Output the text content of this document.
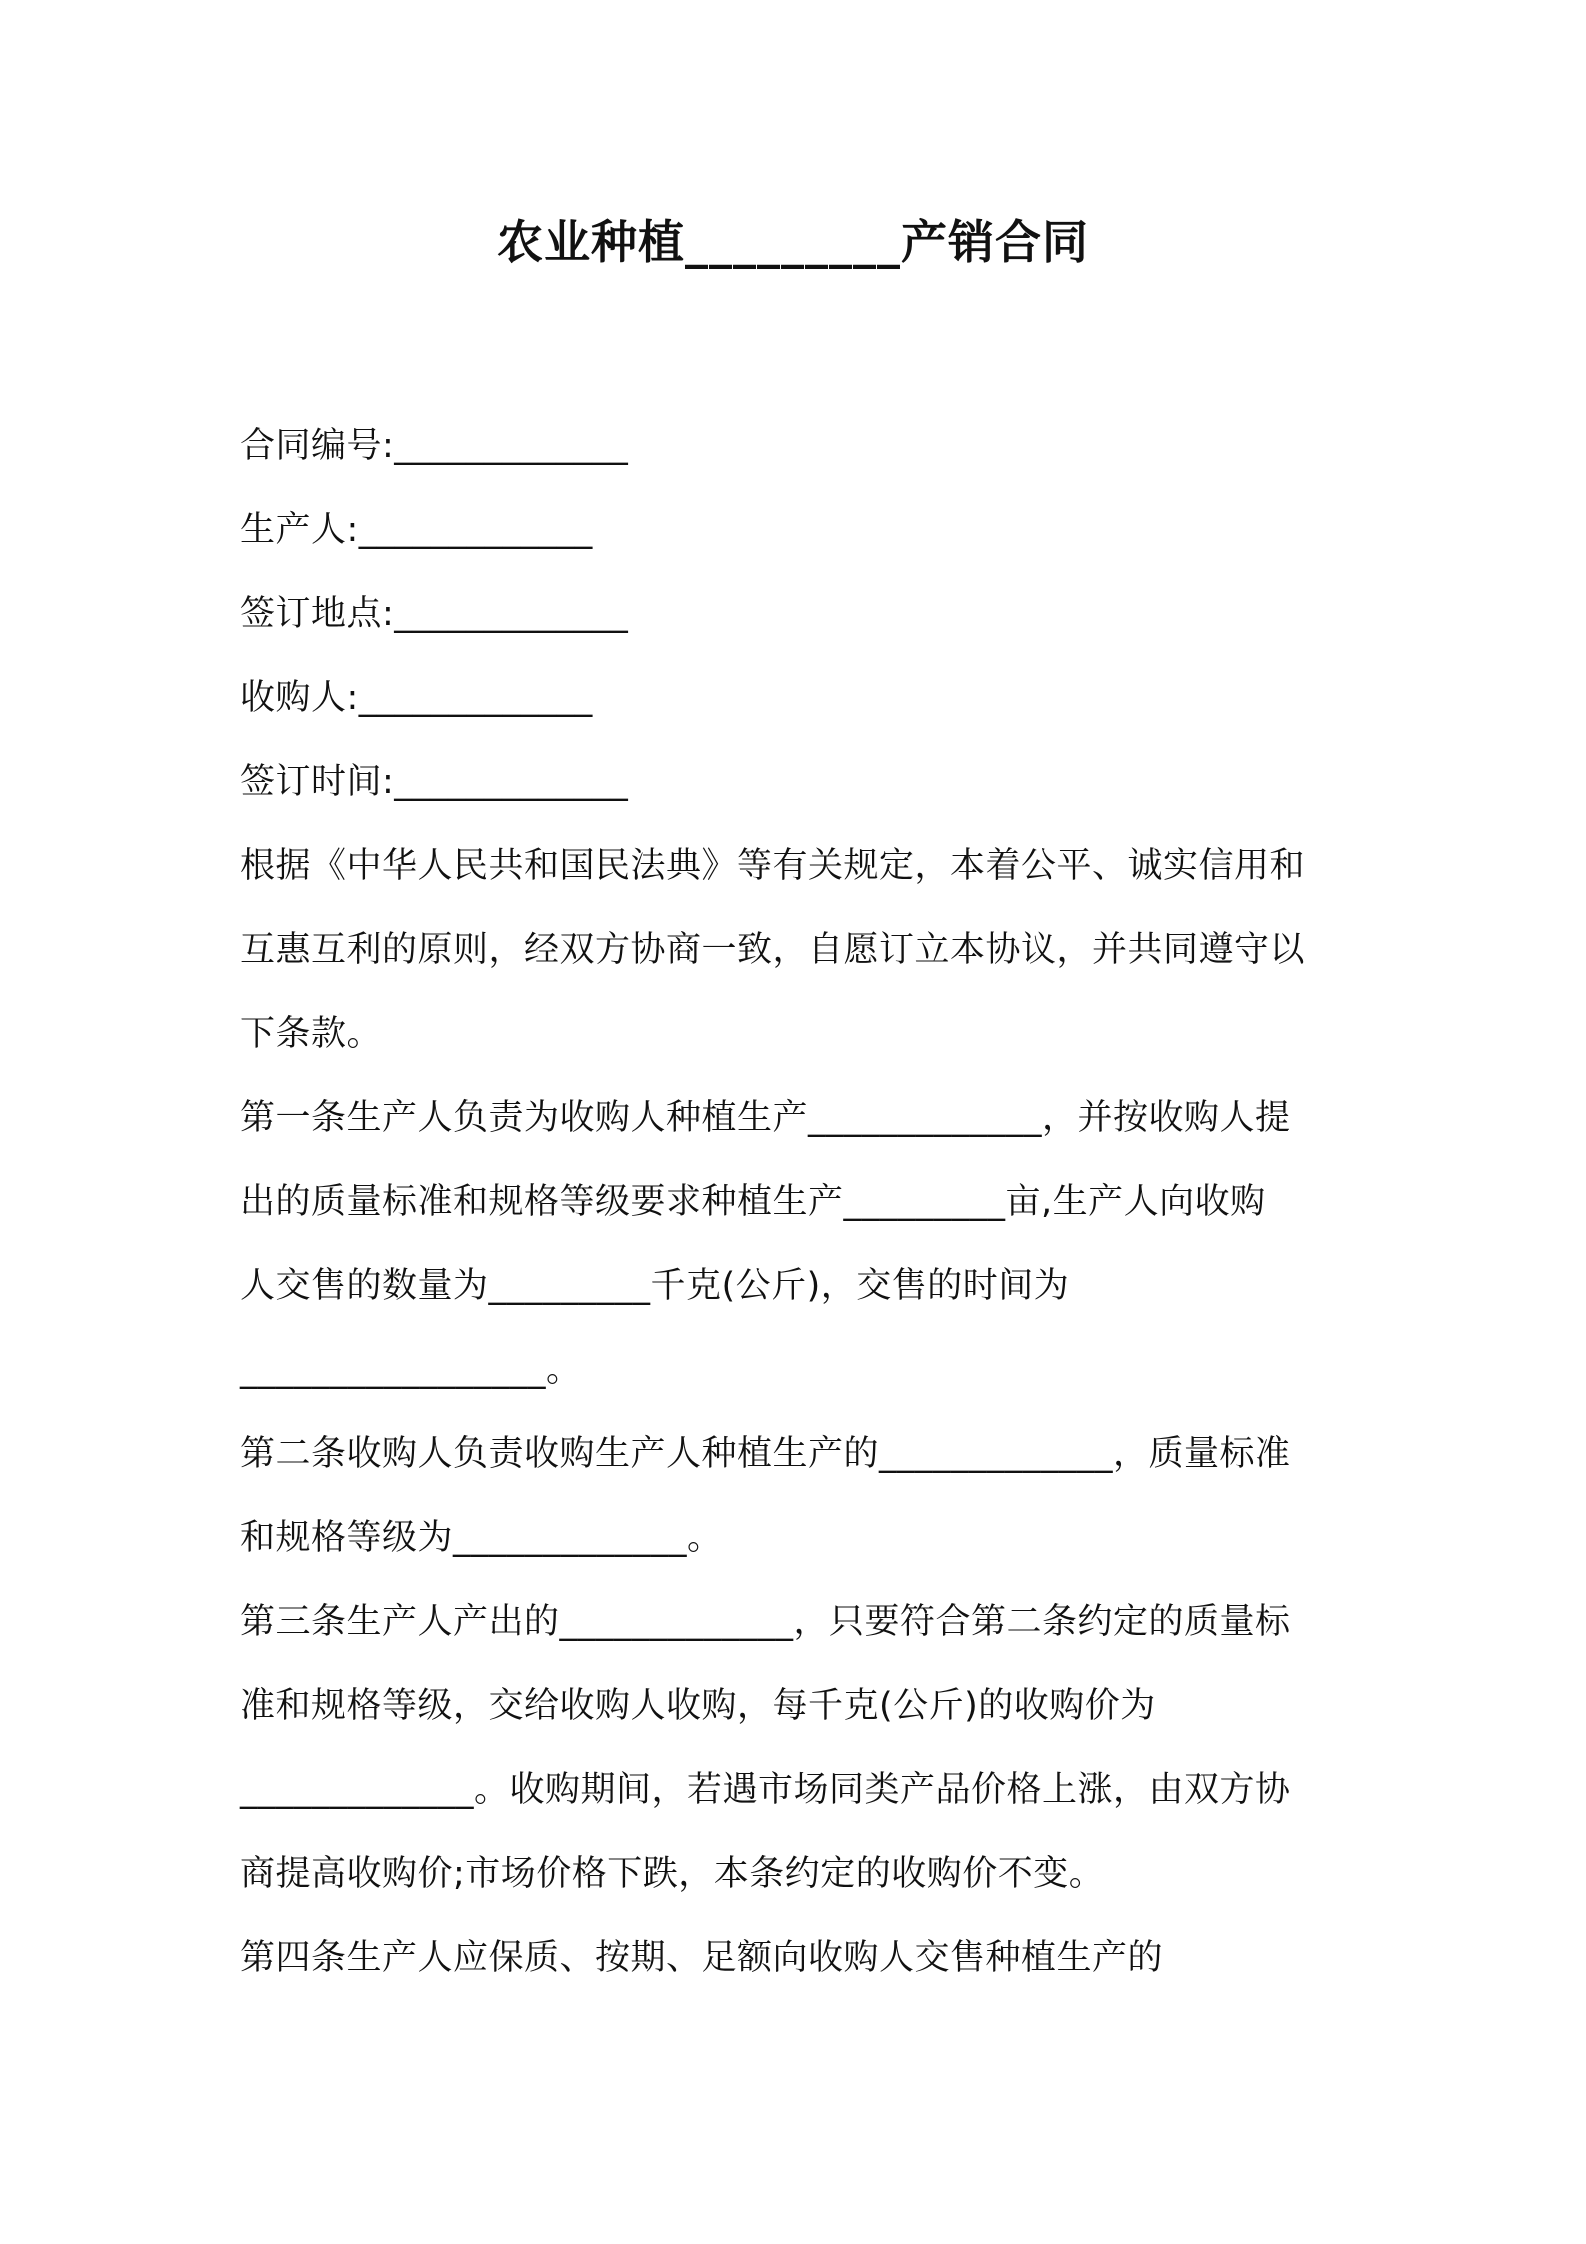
农业种植_________产销合同
合同编号:_____________
生产人:_____________
签订地点:_____________
收购人:_____________
签订时间:_____________
根据《中华人民共和国民法典》等有关规定，本着公平、诚实信用和
互惠互利的原则，经双方协商一致，自愿订立本协议，并共同遵守以
下条款。
第一条生产人负责为收购人种植生产_____________，并按收购人提
出的质量标准和规格等级要求种植生产_________亩,生产人向收购
人交售的数量为_________千克(公斤)，交售的时间为
_________________。
第二条收购人负责收购生产人种植生产的_____________，质量标准
和规格等级为_____________。
第三条生产人产出的_____________，只要符合第二条约定的质量标
准和规格等级，交给收购人收购，每千克(公斤)的收购价为
_____________。收购期间，若遇市场同类产品价格上涨，由双方协
商提高收购价;市场价格下跌，本条约定的收购价不变。
第四条生产人应保质、按期、足额向收购人交售种植生产的
